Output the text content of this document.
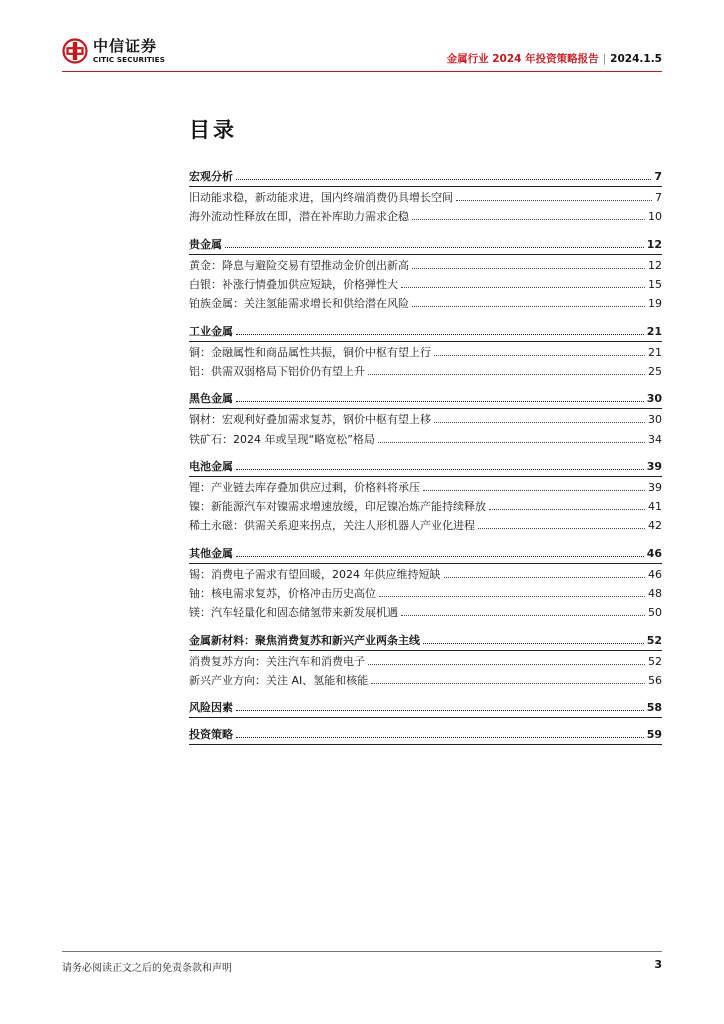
中信证券
CITIC SECURITIES	金属行业 2024 年投资策略报告 | 2024.1.5
目录
宏观分析	7
旧动能求稳，新动能求进，国内终端消费仍具增长空间	7
海外流动性释放在即，潜在补库助力需求企稳	10
贵金属	12
黄金：降息与避险交易有望推动金价创出新高	12
白银：补涨行情叠加供应短缺，价格弹性大	15
铂族金属：关注氢能需求增长和供给潜在风险	19
工业金属	21
铜：金融属性和商品属性共振，铜价中枢有望上行	21
铝：供需双弱格局下铝价仍有望上升	25
黑色金属	30
钢材：宏观利好叠加需求复苏，钢价中枢有望上移	30
铁矿石：2024 年或呈现“略宽松”格局	34
电池金属	39
锂：产业链去库存叠加供应过剩，价格料将承压	39
镍：新能源汽车对镍需求增速放缓，印尼镍冶炼产能持续释放	41
稀土永磁：供需关系迎来拐点，关注人形机器人产业化进程	42
其他金属	46
锡：消费电子需求有望回暖，2024 年供应维持短缺	46
铀：核电需求复苏，价格冲击历史高位	48
镁：汽车轻量化和固态储氢带来新发展机遇	50
金属新材料：聚焦消费复苏和新兴产业两条主线	52
消费复苏方向：关注汽车和消费电子	52
新兴产业方向：关注 AI、氢能和核能	56
风险因素	58
投资策略	59
请务必阅读正文之后的免责条款和声明	3
